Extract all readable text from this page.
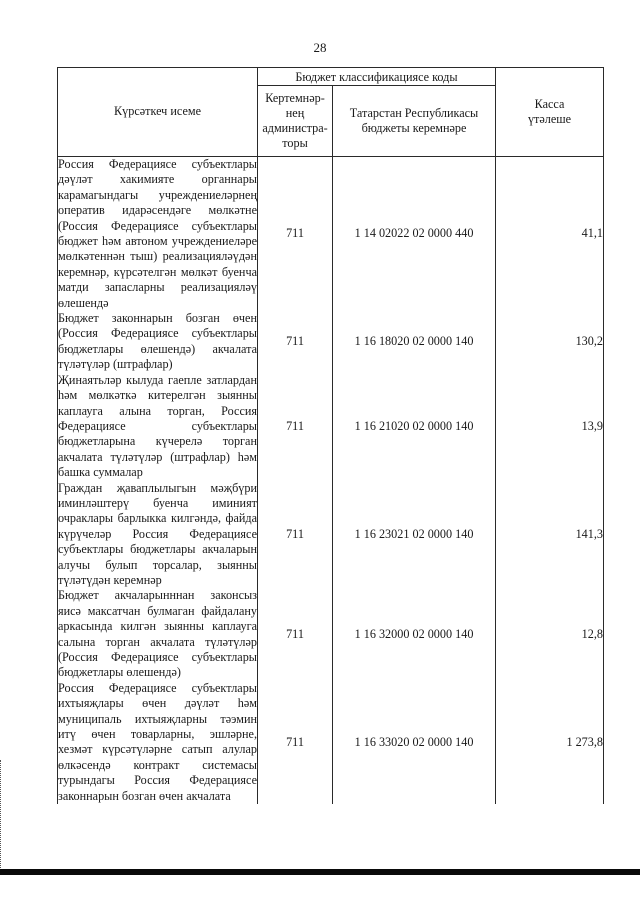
28
Күрсәткеч исеме	Бюджет классификациясе коды		Касса үтәлеше
	Кертемнәр-нең администра-торы	Татарстан Республикасы бюджеты керемнәре	
Россия Федерациясе субъектлары дәүләт хакимияте органнары карамагындагы учреждениеләрнең оператив идарәсендәге мөлкәтне (Россия Федерациясе субъектлары бюджет һәм автоном учреждениеләре мөлкәтеннән тыш) реализацияләүдән керемнәр, күрсәтелгән мөлкәт буенча матди запасларны реализацияләү өлешендә	711	1 14 02022 02 0000 440	41,1
Бюджет законнарын бозган өчен (Россия Федерациясе субъектлары бюджетлары өлешендә) акчалата түләтүләр (штрафлар)	711	1 16 18020 02 0000 140	130,2
Җинаятьләр кылуда гаепле затлардан һәм мөлкәткә китерелгән зыянны каплауга алына торган, Россия Федерациясе субъектлары бюджетларына күчерелә торган акчалата түләтүләр (штрафлар) һәм башка суммалар	711	1 16 21020 02 0000 140	13,9
Граждан җаваплылыгын мәҗбүри иминләштерү буенча иминият очраклары барлыкка килгәндә, файда күрүчеләр Россия Федерациясе субъектлары бюджетлары акчаларын алучы булып торсалар, зыянны түләтүдән керемнәр	711	1 16 23021 02 0000 140	141,3
Бюджет акчаларынннан законсыз яисә максатчан булмаган файдалану аркасында килгән зыянны каплауга салына торган акчалата түләтүләр (Россия Федерациясе субъектлары бюджетлары өлешендә)	711	1 16 32000 02 0000 140	12,8
Россия Федерациясе субъектлары ихтыяҗлары өчен дәүләт һәм муниципаль ихтыяҗларны тәэмин итү өчен товарларны, эшләрне, хезмәт күрсәтүләрне сатып алулар өлкәсендә контракт системасы турындагы Россия Федерациясе законнарын бозган өчен акчалата	711	1 16 33020 02 0000 140	1 273,8
